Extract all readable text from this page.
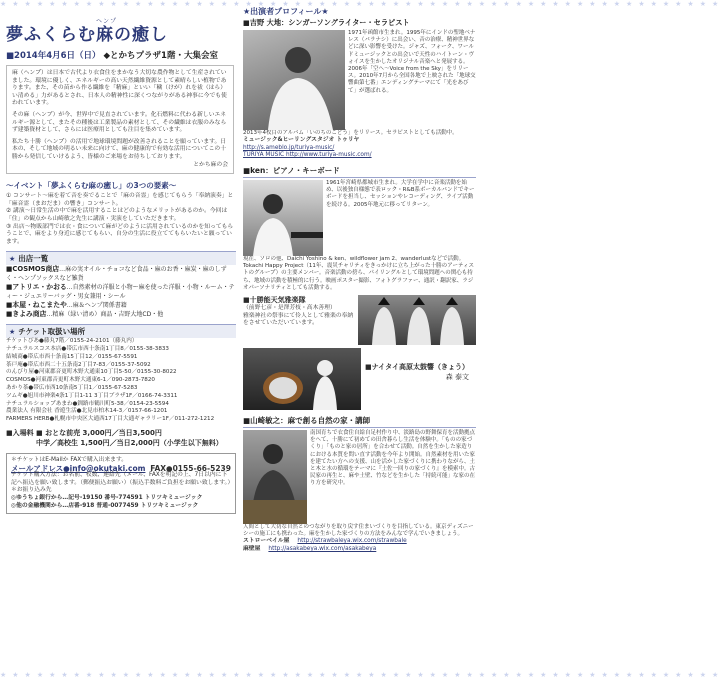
★★★★★★★★★★★★★★★★★★★★★★★★★★★★★★★★★★★★★★★★★★★★★★★★★★★★★★★★★★★
★★★★★★★★★★★★★★★★★★★★★★★★★★★★★★★★★★★★★★★★★★★★★★★★★★★★★★★★★★★
夢ふくらむ
ヘンプ
麻の癒し
■2014年4月6日（日） ◆とかちプラザ1階・大集会室

麻（ヘンプ）は日本で古代より衣食住をまかなう大切な農作物として生産されていました。環境に優しく、エネルギーの高い天然繊維資源として素晴らしい植物であります。また、その苗から作る繊維を「精麻」といい「穢（けが）れを祓（はら）い清める」力があるとされ、日本人の精神性に深くつながりがある神事に今でも使われています。

その麻（ヘンプ）が今、世界中で見直されています。化石燃料に代わる新しいエネルギー源として、またその種後は工業製品の素材として、その繊維は衣服のみならず建築資材として、さらには医療用としても注目を集めています。

私たち十勝（ヘンプ）の活用で地球環境問題が改善されることを願っています。日本の、そして地域の明るい未来に向けて、麻の健康的で有効な活用についてこの十勝から発信していけるよう、皆様のご来場をお待ちしております。

とかち麻の会
〜イベント「夢ふくらむ麻の癒し」の3つの要素〜
① コンサート〜麻を着て音を奏でることで「麻の音霊」を感じてもらう「奉納演奏」と「麻音霊（まおだま）の響き」コンサート。
② 講演〜日常生活の中で麻を活用することはどのようなメリットがあるのか。今回は「住」の観点から山崎敏之先生に講演・実演をしていただきます。
③ 出店〜物販部門では衣・食について麻がどのように活用されているのかを知ってもらうことで、麻をより身近に感じてもらい、自分の生活に役立ててもらいたいと願っています。
★ 出店一覧
■COSMOS商店…麻の実オイル・チョコなど食品・麻のお香・麻炭・麻のしずく・ヘンプソックスなど雑貨
■アトリエ・かおる…自然素材の洋服と小物ー麻を使った洋服・小物・ルーム・ティー・ジュエリーバッグ・男女兼用・シール
■本屋・ねこまたや…麻＆ヘンプ関係書籍
■きよみ商店…精麻（緑い清め）商品・吉野大地CD・他
★ チケット取扱い場所
チケットぴあ●藤丸7階／0155-24-2101（藤丸内）
ナチュラルスコス本店●帯広市西十条南1丁目8／0155-38-3833
結城商●帯広市西十条南15丁目12／0155-67-5591
茶戸庵●帯広市西二十五条南2丁目7-83／0155-37-5092
のんびり屋●河東郡音更町木野大通東10丁目5-50／0155-30-8022
COSMOS●河東郡音更町木野大通東6-1／090-2873-7820
あかり茶●帯広市西10条南5丁目1／0155-67-5283
ツムギ●旭川市神楽4条1丁目1-11 3丁目ブラザ1F／0166-74-3311
ナチュラルショップあまわ●釧路市鶴川町5-38／0154-23-5594
農業法人 有限会社 香遊生活●北見市柏木14-3／0157-66-1201
FARMERS HERB●札幌市中央区大通西17丁目大通ギャラリー1F／011-272-1212
■入場料 ■ おとな前売 3,000円／当日3,500円
中学／高校生 1,500円／当日2,000円（小学生以下無料）
＊チケットはE-Mailか FAXで購入出来ます。
メールアドレス●info@okutaki.com FAX●0155-66-5239
チケット購入方法：お名前、枚数、連絡先（メール、FAXを明記の上、7日以内に下記へ振込を願い致します。（郵便振込お願い）（振込手数料ご負担をお願い致します。）
＊お振り込み先
◎ゆうちょ銀行から…記号-19150 番号-774591 トリツキミュージック
◎他の金融機関から…店番-918 普通-0077459 トリツキミュージック
★出演者プロフィール★
■吉野 大地：シンガーソングライター・セラピスト
1971年函館市生まれ。1995年にインドの聖地ベナレス（バラナシ）に出会い、音の治療、精神世界などに深い影響を受けた。ジャズ、フォーク、ワールドミュージックとの出会いで天性のハイトーン・ヴォイスを生かしたオリジナル音楽へと発展する。2006年「空へ〜Voice from the Sky」をリリース。2010年7月から全国各地で上映された「地球交響曲第七番」エンディングテーマにて「光をあびて」が選ばれる。
2013年4枚目のアルバム「いのちのこどう」をリリース。セラピストとしても活動中。
ミュージック&ヒーリングスタジオ トゥリヤ
http://s.ameblo.jp/turiya-music/
TURIYA MUSIC http://www.turiya-music.com/
■ken：ピアノ・キーボード
1961年宮崎県都城市生まれ。大学在学中に音楽活動を始め、以後独自様態で表ロック・R&B系ボーカルバンドでキーボードを担当し、セッションやレコーディング、ライブ活動を続ける。2005年地元に移ってリターン。
現在、ソロの他、Daichi Yoshino & ken、wildflower jam 2、wanderlustなどで活動。Tokachi Happy Project（11年、震災チャリティをきっかけに立ち上がった十勝のアーティストのグループ）の主要メンバー。音楽活動の傍ら、パイリングルとして環境問題への関心も持ち、地域の活動を積極的に行う。映画ポスター撮影、フォトグラファー、通訳・翻訳家、ラジオパーソナリティとしても活動する。
■十勝能天気雅楽隊
（前野七彦・是澤芳枝・高木善理）
雅楽神社の祭事にて伶人として雅楽の奉納をさせていただいています。
■ナイタイ高原太鼓響（きょう）
森 泰文
■山崎敏之：麻で創る自然の家・講師
南国育ちで衣食住自給自足村作り中、淡路島の野舞保育を活動拠点をへて、十勝にて初めての田舎暮らし生活を体験中。「ものの家づくり」「ものと家の居所」を合わせて活動。自然を生かした家造りにおける本質を問い直す活動を今年より開始。自然素材を用いた家を建てたい方への支援、山を活かした家づくりに携わりながら、土と木と水の循環をテーマに『土佐一回りの家づくり』を模索中。古民家の再生と、麻や土壁、竹などを生かした「持続可能」な家の在り方を研究中。
人間として大切な自然とのつながりを取り戻す住まいづくりを目指している。東京ディズニーシーの施工にも携わった。麻を生かした家づくりの方法をみんなで学んでいきましょう。
ストローベイル屋 http://strawbaleya.wix.com/strawbale
麻壁屋 http://asakabeya.wix.com/asakabeya
